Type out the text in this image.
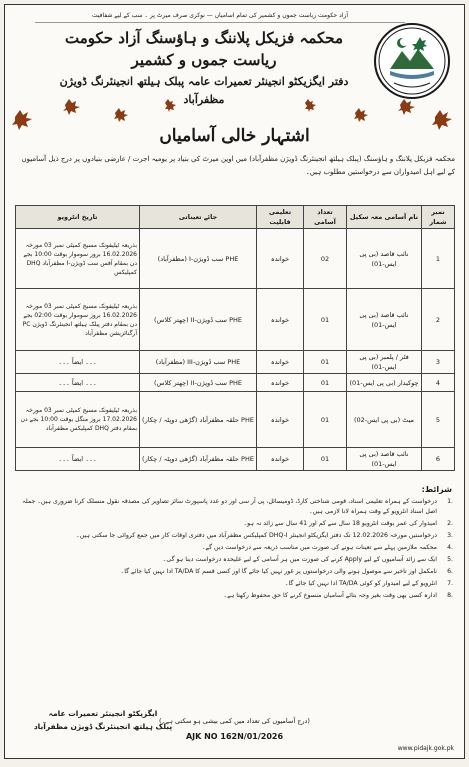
آزاد حکومت ریاست جموں و کشمیر کی تمام اسامیاں — نوکری صرف میرٹ پر ۔ سب کے لیے شفافیت
محکمہ فزیکل پلاننگ و ہاؤسنگ آزاد حکومت ریاست جموں و کشمیر
دفتر ایگزیکٹو انجینئر تعمیرات عامہ پبلک ہیلتھ انجینئرنگ ڈویژن مظفرآباد
اشتہار خالی آسامیاں
محکمہ فزیکل پلاننگ و ہاؤسنگ (پبلک ہیلتھ انجینئرنگ ڈویژن مظفرآباد) میں اوپن میرٹ کی بنیاد پر یومیہ اجرت / عارضی بنیادوں پر درج ذیل آسامیوں کے لیے اہل امیدواران سے درخواستیں مطلوب ہیں۔
نمبر شمار	نام آسامی معہ سکیل	تعداد آسامی	تعلیمی قابلیت	جائے تعیناتی	تاریخ انٹرویو
1	نائب قاصد (بی پی ایس-01)	02	خواندہ	PHE سب ڈویژن-I (مظفرآباد)	بذریعہ ٹیلیفونک مسیج کمیٹی نمبر 03 مورخہ 16.02.2026 بروز سوموار بوقت 10:00 بجے دن بمقام آفس سب ڈویژن-I مظفرآباد DHQ کمپلیکس
2	نائب قاصد (بی پی ایس-01)	01	خواندہ	PHE سب ڈویژن-II (چھتر کلاس)	بذریعہ ٹیلیفونک مسیج کمیٹی نمبر 03 مورخہ 16.02.2026 بروز سوموار بوقت 02:00 بجے دن بمقام دفتر پبلک ہیلتھ انجینئرنگ ڈویژن PC آرگنائزیشن مظفرآباد
3	فٹر / پلمبر (بی پی ایس-01)	01	خواندہ	PHE سب ڈویژن-III (مظفرآباد)	۔۔۔ ایضاً ۔۔۔
4	چوکیدار (بی پی ایس-01)	01	خواندہ	PHE سب ڈویژن-II (چھتر کلاس)	۔۔۔ ایضاً ۔۔۔
5	میٹ (بی پی ایس-02)	01	خواندہ	PHE حلقہ مظفرآباد (گڑھی دوپٹہ / چکار)	بذریعہ ٹیلیفونک مسیج کمیٹی نمبر 03 مورخہ 17.02.2026 بروز منگل بوقت 10:00 بجے دن بمقام دفتر DHQ کمپلیکس مظفرآباد
6	نائب قاصد (بی پی ایس-01)	01	خواندہ	PHE حلقہ مظفرآباد (گڑھی دوپٹہ / چکار)	۔۔۔ ایضاً ۔۔۔
شرائط:
.1
درخواست کے ہمراہ تعلیمی اسناد، قومی شناختی کارڈ، ڈومیسائل، پی آر سی اور دو عدد پاسپورٹ سائز تصاویر کی مصدقہ نقول منسلک کرنا ضروری ہیں۔ جملہ اصل اسناد انٹرویو کے وقت ہمراہ لانا لازمی ہیں۔
.2
امیدوار کی عمر بوقت انٹرویو 18 سال سے کم اور 41 سال سے زائد نہ ہو۔
.3
درخواستیں مورخہ 12.02.2026 تک دفتر ایگزیکٹو انجینئر DHQ-I کمپلیکس مظفرآباد میں دفتری اوقات کار میں جمع کروائی جا سکتی ہیں۔
.4
محکمہ ملازمین پہلے سے تعینات ہونے کی صورت میں مناسب ذریعہ سے درخواست دیں گے۔
.5
ایک سے زائد آسامیوں کے لیے Apply کرنے کی صورت میں ہر آسامی کے لیے علیحدہ درخواست دینا ہو گی۔
.6
نامکمل اور تاخیر سے موصول ہونے والی درخواستوں پر غور نہیں کیا جائے گا اور کسی قسم کا TA/DA ادا نہیں کیا جائے گا۔
.7
انٹرویو کے لیے امیدوار کو کوئی TA/DA ادا نہیں کیا جائے گا۔
.8
ادارہ کسی بھی وقت بغیر وجہ بتائے آسامیاں منسوخ کرنے کا حق محفوظ رکھتا ہے۔
ایگزیکٹو انجینئر تعمیرات عامہ
پبلک ہیلتھ انجینئرنگ ڈویژن مظفرآباد
(درج آسامیوں کی تعداد میں کمی بیشی ہو سکتی ہے۔)
AJK NO 162N/01/2026
www.pidajk.gok.pk
